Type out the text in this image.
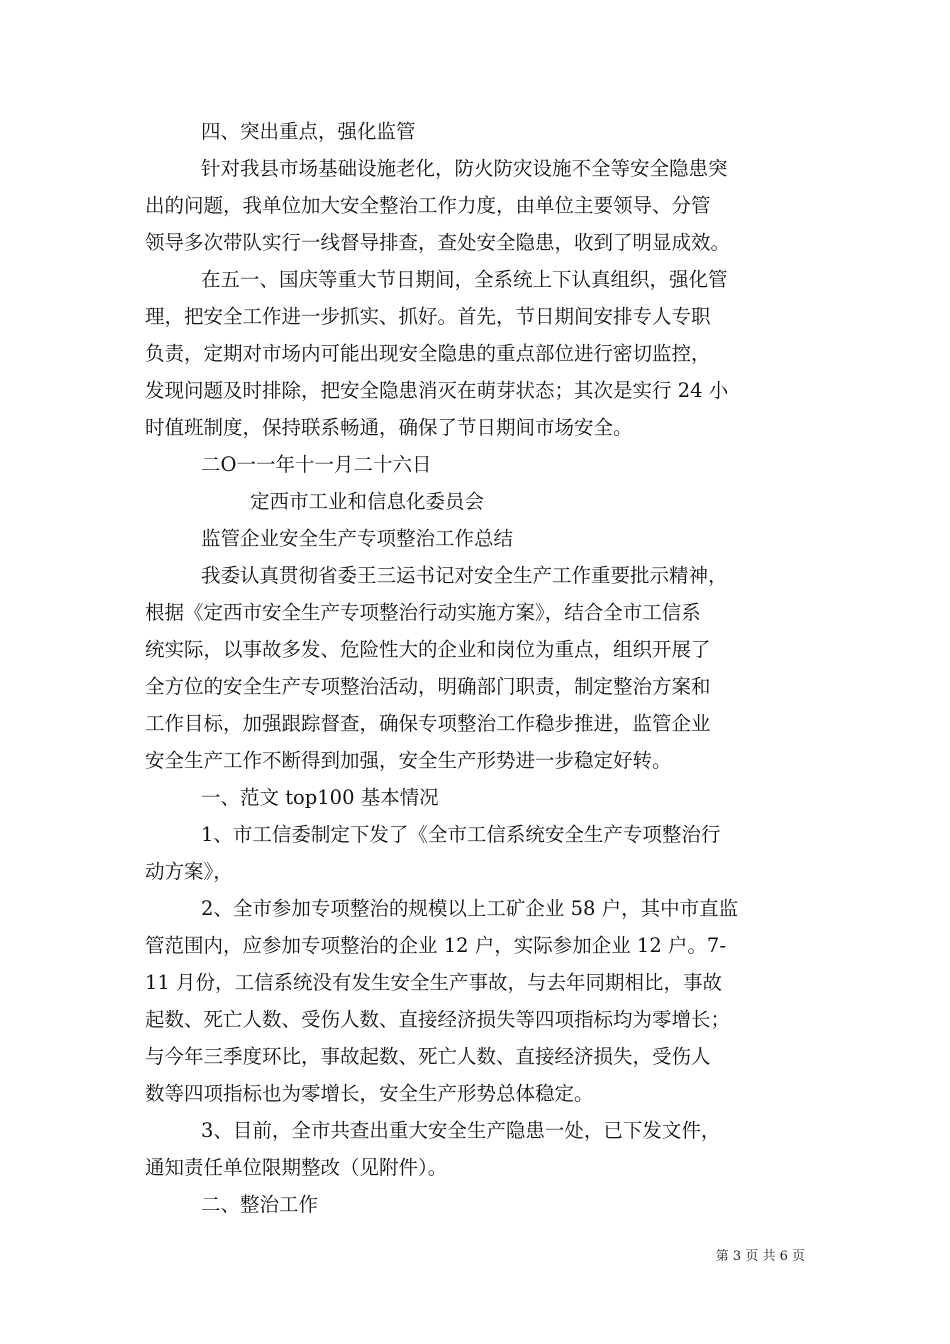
四、突出重点，强化监管

针对我县市场基础设施老化，防火防灾设施不全等安全隐患突

出的问题，我单位加大安全整治工作力度，由单位主要领导、分管

领导多次带队实行一线督导排查，查处安全隐患，收到了明显成效。

在五一、国庆等重大节日期间，全系统上下认真组织，强化管

理，把安全工作进一步抓实、抓好。首先，节日期间安排专人专职

负责，定期对市场内可能出现安全隐患的重点部位进行密切监控，

发现问题及时排除，把安全隐患消灭在萌芽状态；其次是实行 24 小

时值班制度，保持联系畅通，确保了节日期间市场安全。

二О一一年十一月二十六日

定西市工业和信息化委员会

监管企业安全生产专项整治工作总结

我委认真贯彻省委王三运书记对安全生产工作重要批示精神，

根据《定西市安全生产专项整治行动实施方案》，结合全市工信系

统实际，以事故多发、危险性大的企业和岗位为重点，组织开展了

全方位的安全生产专项整治活动，明确部门职责，制定整治方案和

工作目标，加强跟踪督查，确保专项整治工作稳步推进，监管企业

安全生产工作不断得到加强，安全生产形势进一步稳定好转。

一、范文 top100 基本情况

1、市工信委制定下发了《全市工信系统安全生产专项整治行

动方案》，

2、全市参加专项整治的规模以上工矿企业 58 户，其中市直监

管范围内，应参加专项整治的企业 12 户，实际参加企业 12 户。7-

11 月份，工信系统没有发生安全生产事故，与去年同期相比，事故

起数、死亡人数、受伤人数、直接经济损失等四项指标均为零增长；

与今年三季度环比，事故起数、死亡人数、直接经济损失，受伤人

数等四项指标也为零增长，安全生产形势总体稳定。

3、目前，全市共查出重大安全生产隐患一处，已下发文件，

通知责任单位限期整改（见附件）。

二、整治工作

第 3 页 共 6 页
